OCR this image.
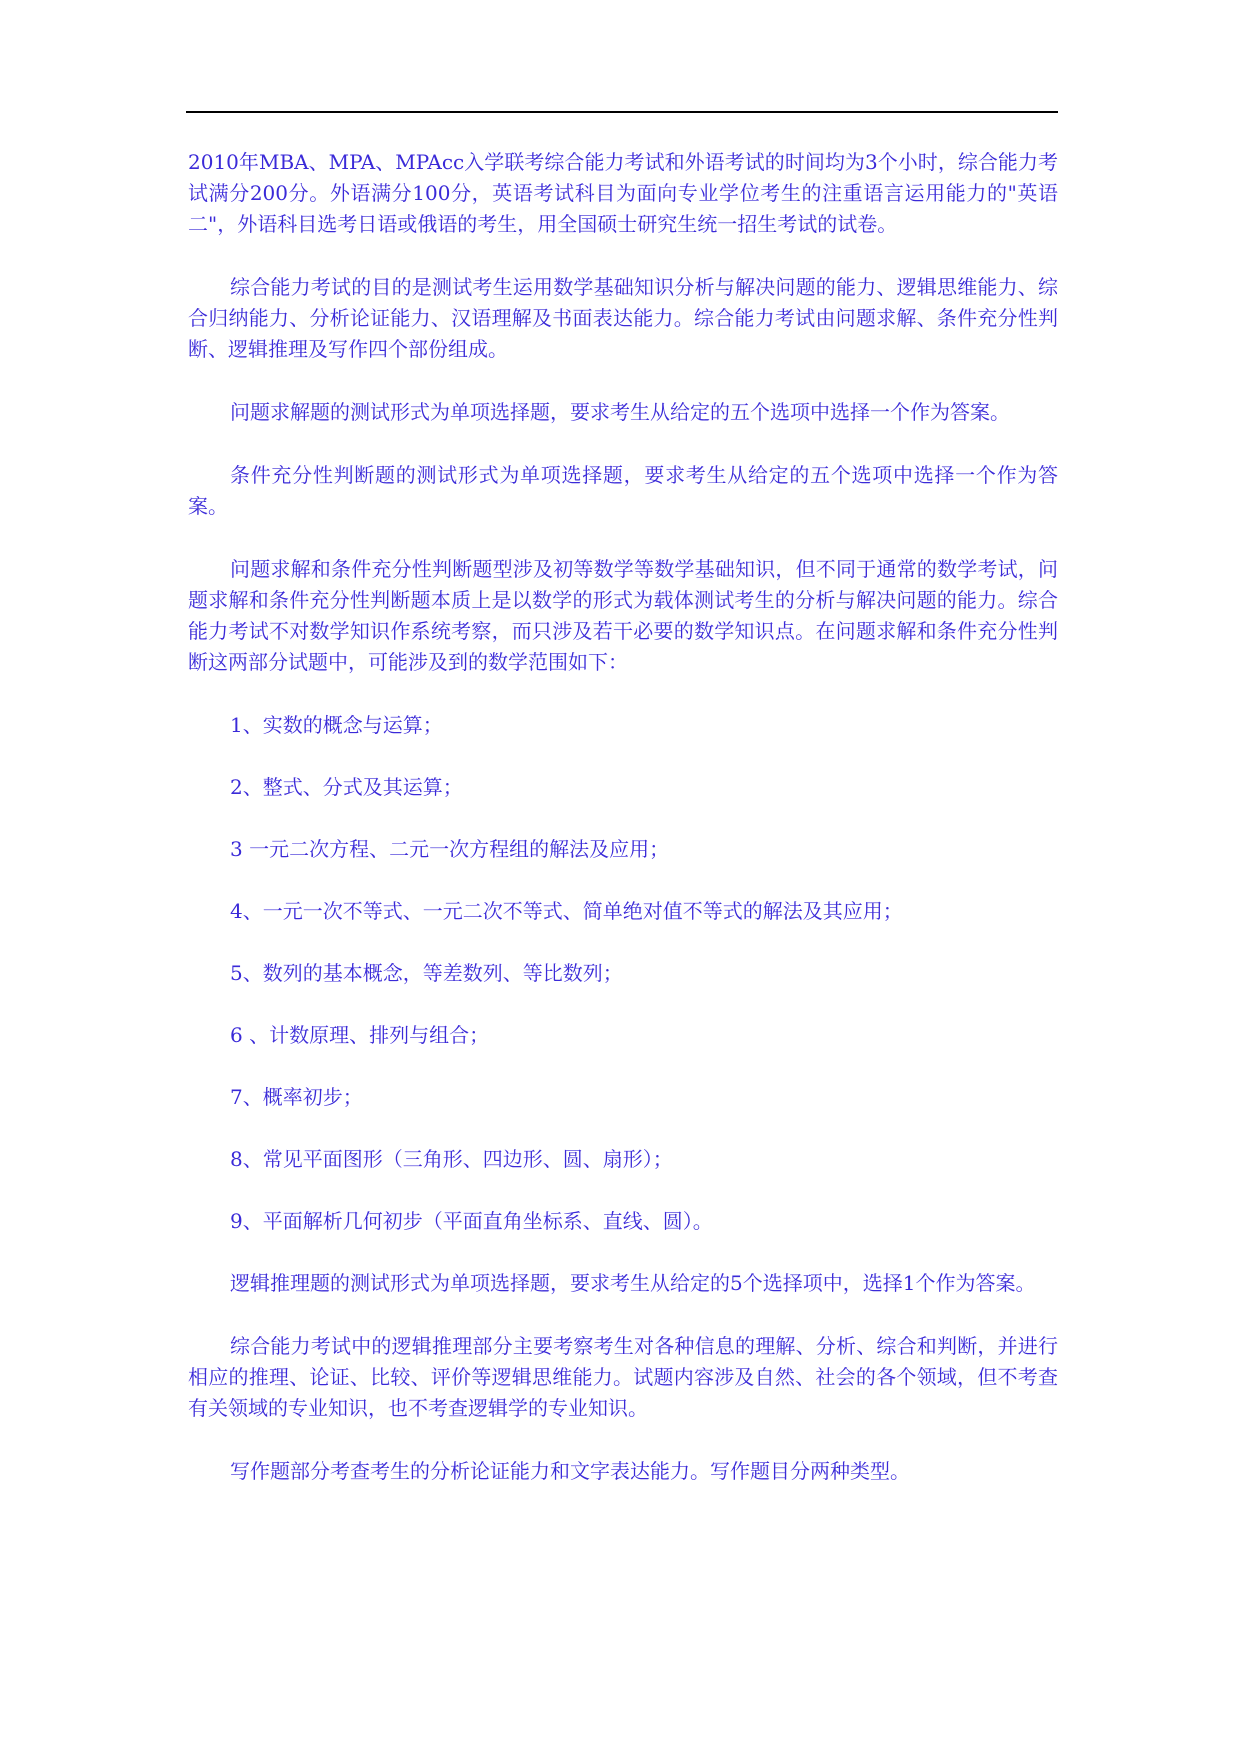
2010年MBA、MPA、MPAcc入学联考综合能力考试和外语考试的时间均为3个小时，综合能力考试满分200分。外语满分100分，英语考试科目为面向专业学位考生的注重语言运用能力的"英语二"，外语科目选考日语或俄语的考生，用全国硕士研究生统一招生考试的试卷。

综合能力考试的目的是测试考生运用数学基础知识分析与解决问题的能力、逻辑思维能力、综合归纳能力、分析论证能力、汉语理解及书面表达能力。综合能力考试由问题求解、条件充分性判断、逻辑推理及写作四个部份组成。

问题求解题的测试形式为单项选择题，要求考生从给定的五个选项中选择一个作为答案。

条件充分性判断题的测试形式为单项选择题，要求考生从给定的五个选项中选择一个作为答案。

问题求解和条件充分性判断题型涉及初等数学等数学基础知识，但不同于通常的数学考试，问题求解和条件充分性判断题本质上是以数学的形式为载体测试考生的分析与解决问题的能力。综合能力考试不对数学知识作系统考察，而只涉及若干必要的数学知识点。在问题求解和条件充分性判断这两部分试题中，可能涉及到的数学范围如下：

1、实数的概念与运算；

2、整式、分式及其运算；

3 一元二次方程、二元一次方程组的解法及应用；

4、一元一次不等式、一元二次不等式、简单绝对值不等式的解法及其应用；

5、数列的基本概念，等差数列、等比数列；

6 、计数原理、排列与组合；

7、概率初步；

8、常见平面图形（三角形、四边形、圆、扇形）；

9、平面解析几何初步（平面直角坐标系、直线、圆）。

逻辑推理题的测试形式为单项选择题，要求考生从给定的5个选择项中，选择1个作为答案。

综合能力考试中的逻辑推理部分主要考察考生对各种信息的理解、分析、综合和判断，并进行相应的推理、论证、比较、评价等逻辑思维能力。试题内容涉及自然、社会的各个领域，但不考查有关领域的专业知识，也不考查逻辑学的专业知识。

写作题部分考查考生的分析论证能力和文字表达能力。写作题目分两种类型。
